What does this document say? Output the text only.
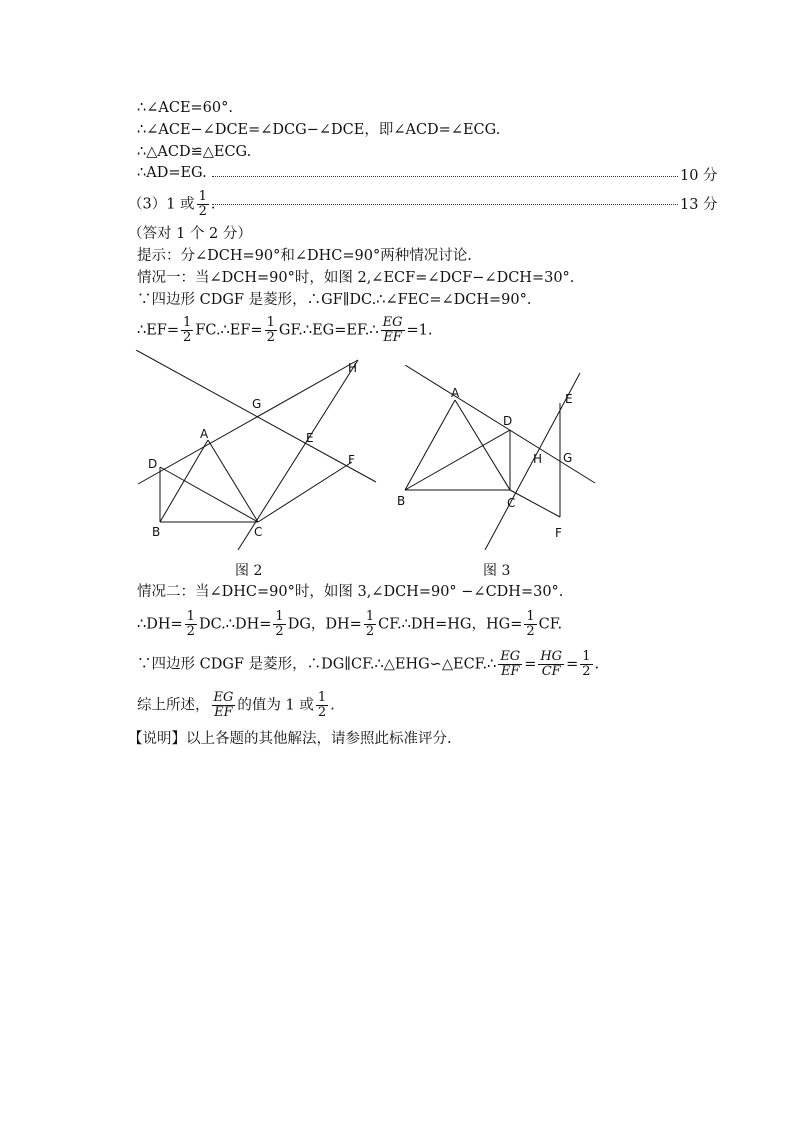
∴∠ACE=60°.
∴∠ACE−∠DCE=∠DCG−∠DCE，即∠ACD=∠ECG.
∴△ACD≌△ECG.
∴AD=EG.	10 分
（3）1 或 $\frac{1}{2}$ .	13 分
（答对 1 个 2 分）
提示：分∠DCH=90°和∠DHC=90°两种情况讨论.
情况一：当∠DCH=90°时，如图 2,∠ECF=∠DCF−∠DCH=30°.
∵四边形 CDGF 是菱形，∴GF∥DC.∴∠FEC=∠DCH=90°.
∴EF= $\frac{1}{2}$ FC.∴EF= $\frac{1}{2}$ GF.∴EG=EF.∴ $\frac{EG}{EF} =1$.
H
G
A	E
D	F
B	C
图 2
A
D
E
H G
B	C
F
图 3
情况二：当∠DHC=90°时，如图 3,∠DCH=90° −∠CDH=30°.
∴DH= $\frac{1}{2}$ DC.∴DH= $\frac{1}{2}$ DG，$DH= \frac{1}{2}$ CF.∴DH=HG，$HG= \frac{1}{2}$ CF.
∵四边形 CDGF 是菱形，∴DG∥CF.∴△EHG∽△ECF.∴ $\frac{EG}{EF} = \frac{HG}{CF} = \frac{1}{2}$ .
综上所述， $\frac{EG}{EF}$ 的值为 1 或 $\frac{1}{2}$ .
【说明】以上各题的其他解法，请参照此标准评分.
